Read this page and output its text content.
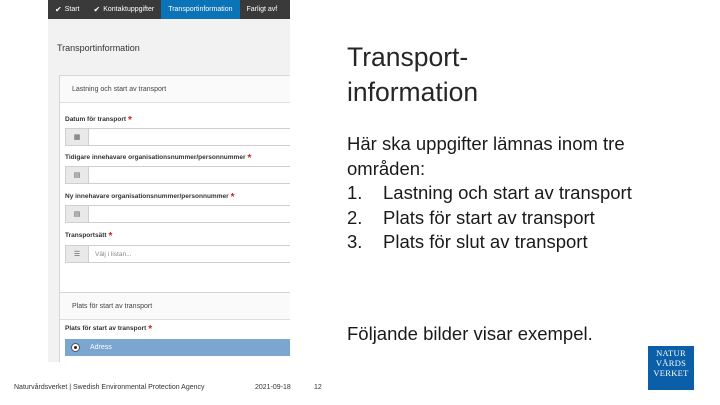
✔ Start ✔ Kontaktuppgifter Transportinformation Farligt avf
Transportinformation
Lastning och start av transport
Datum för transport *
▦
Tidigare innehavare organisationsnummer/personnummer *
▤
Ny innehavare organisationsnummer/personnummer *
▤
Transportsätt *
☰	Välj i listan...
Plats för start av transport
Plats för start av transport *
Adress
Transport-
information
Här ska uppgifter lämnas inom tre områden:
1. Lastning och start av transport
2. Plats för start av transport
3. Plats för slut av transport
Följande bilder visar exempel.
Naturvårdsverket | Swedish Environmental Protection Agency	2021-09-18	12
NATUR
VÅRDS
VERKET
